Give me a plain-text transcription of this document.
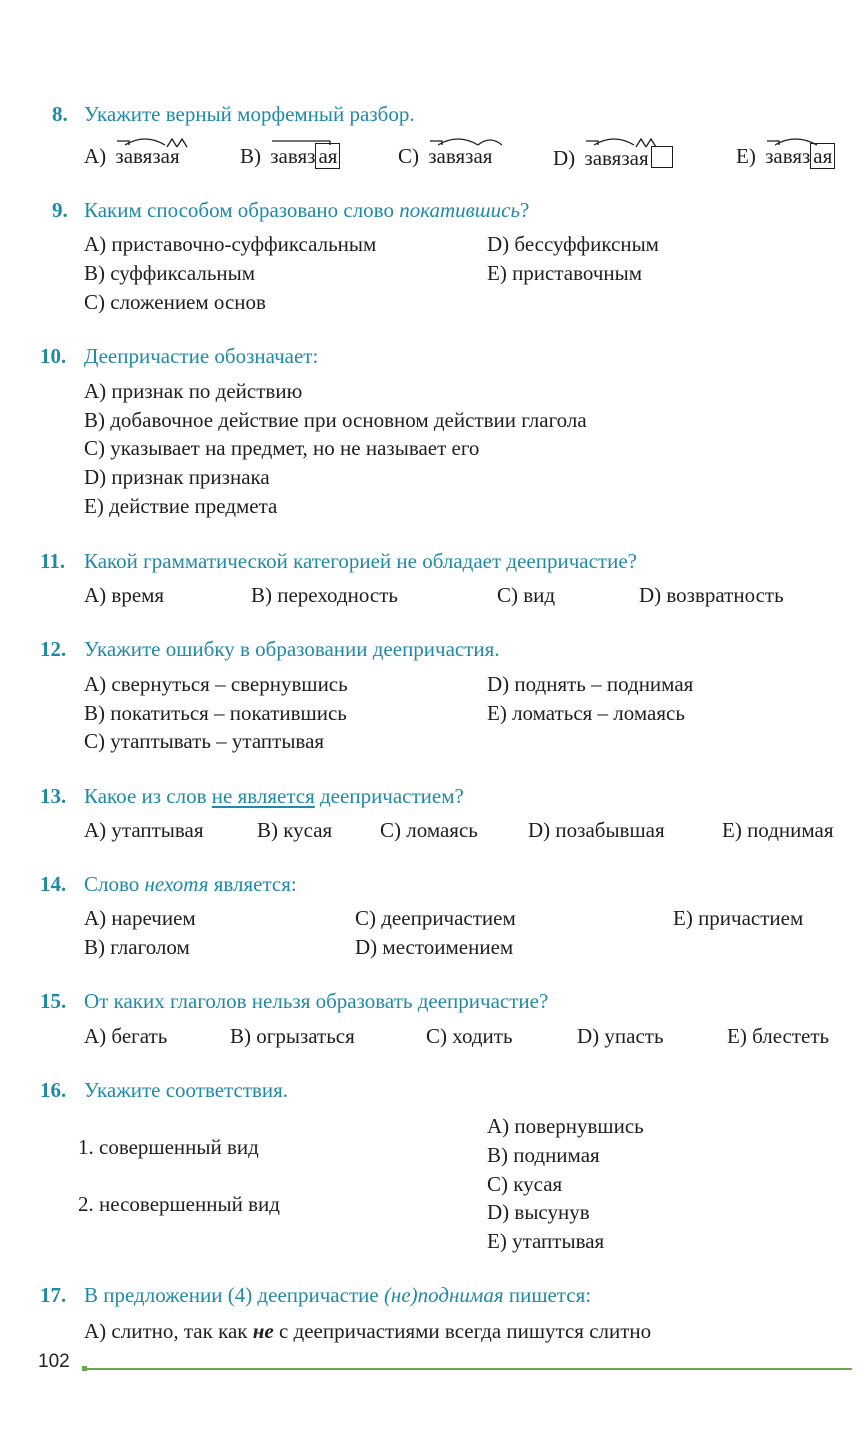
8. Укажите верный морфемный разбор.
A) завязая	B) завяз ая	C) завязая	D) завязая	E) завяз ая
9. Каким способом образовано слово покатившись?
A) приставочно-суффиксальным	D) бессуффиксным
B) суффиксальным	E) приставочным
C) сложением основ
10. Деепричастие обозначает:
A) признак по действию
B) добавочное действие при основном действии глагола
C) указывает на предмет, но не называет его
D) признак признака
E) действие предмета
11. Какой грамматической категорией не обладает деепричастие?
A) время	B) переходность	C) вид	D) возвратность
12. Укажите ошибку в образовании деепричастия.
A) свернуться – свернувшись	D) поднять – поднимая
B) покатиться – покатившись	E) ломаться – ломаясь
C) утаптывать – утаптывая
13. Какое из слов не является деепричастием?
A) утаптывая	B) кусая C) ломаясь D) позабывшая	E) поднимая
14. Слово нехотя является:
A) наречием	C) деепричастием	E) причастием
B) глаголом	D) местоимением
15. От каких глаголов нельзя образовать деепричастие?
A) бегать	B) огрызаться	C) ходить	D) упасть	E) блестеть
16. Укажите соответствия.
1. совершенный вид
2. несовершенный вид
A) повернувшись
B) поднимая
C) кусая
D) высунув
E) утаптывая
17. В предложении (4) деепричастие (не)поднимая пишется:
A) слитно, так как не с деепричастиями всегда пишутся слитно
102
